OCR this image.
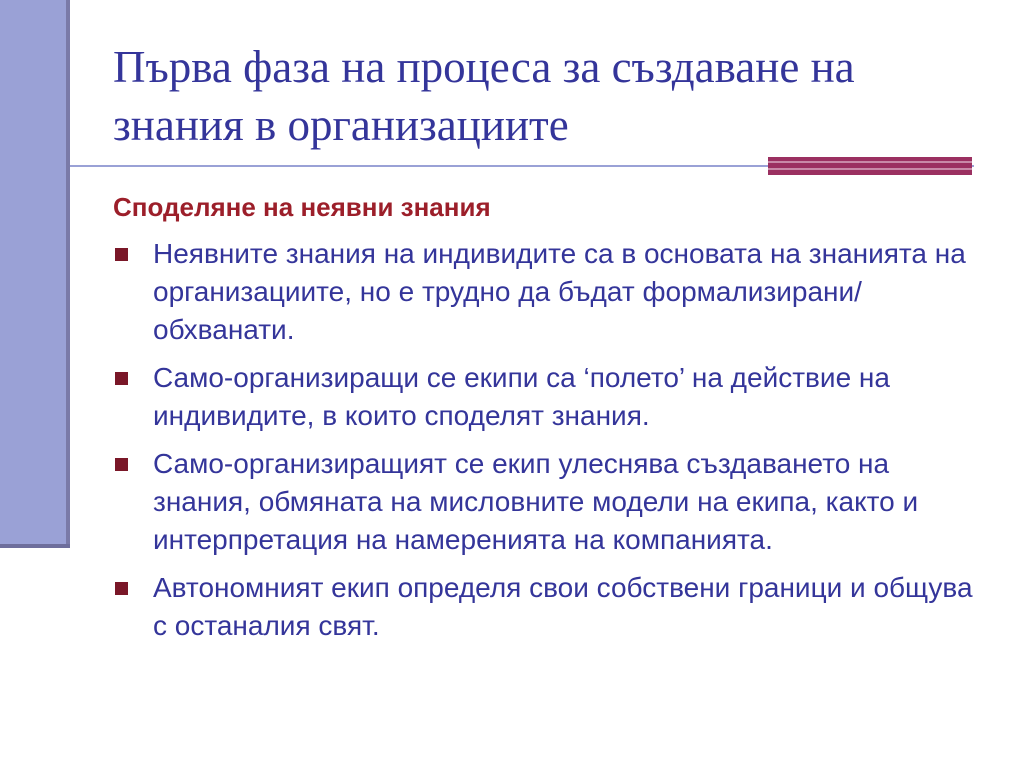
Първа фаза на процеса за създаване на знания в организациите
Споделяне на неявни знания
Неявните знания на индивидите са в основата на знанията на организациите, но е трудно да бъдат формализирани/ обхванати.
Само-организиращи се екипи са ‘полето’ на действие на индивидите, в които споделят знания.
Само-организиращият се екип улеснява създаването на знания, обмяната на мисловните модели на екипа, както и интерпретация на намеренията на компанията.
Автономният екип определя свои собствени граници и общува с останалия свят.
